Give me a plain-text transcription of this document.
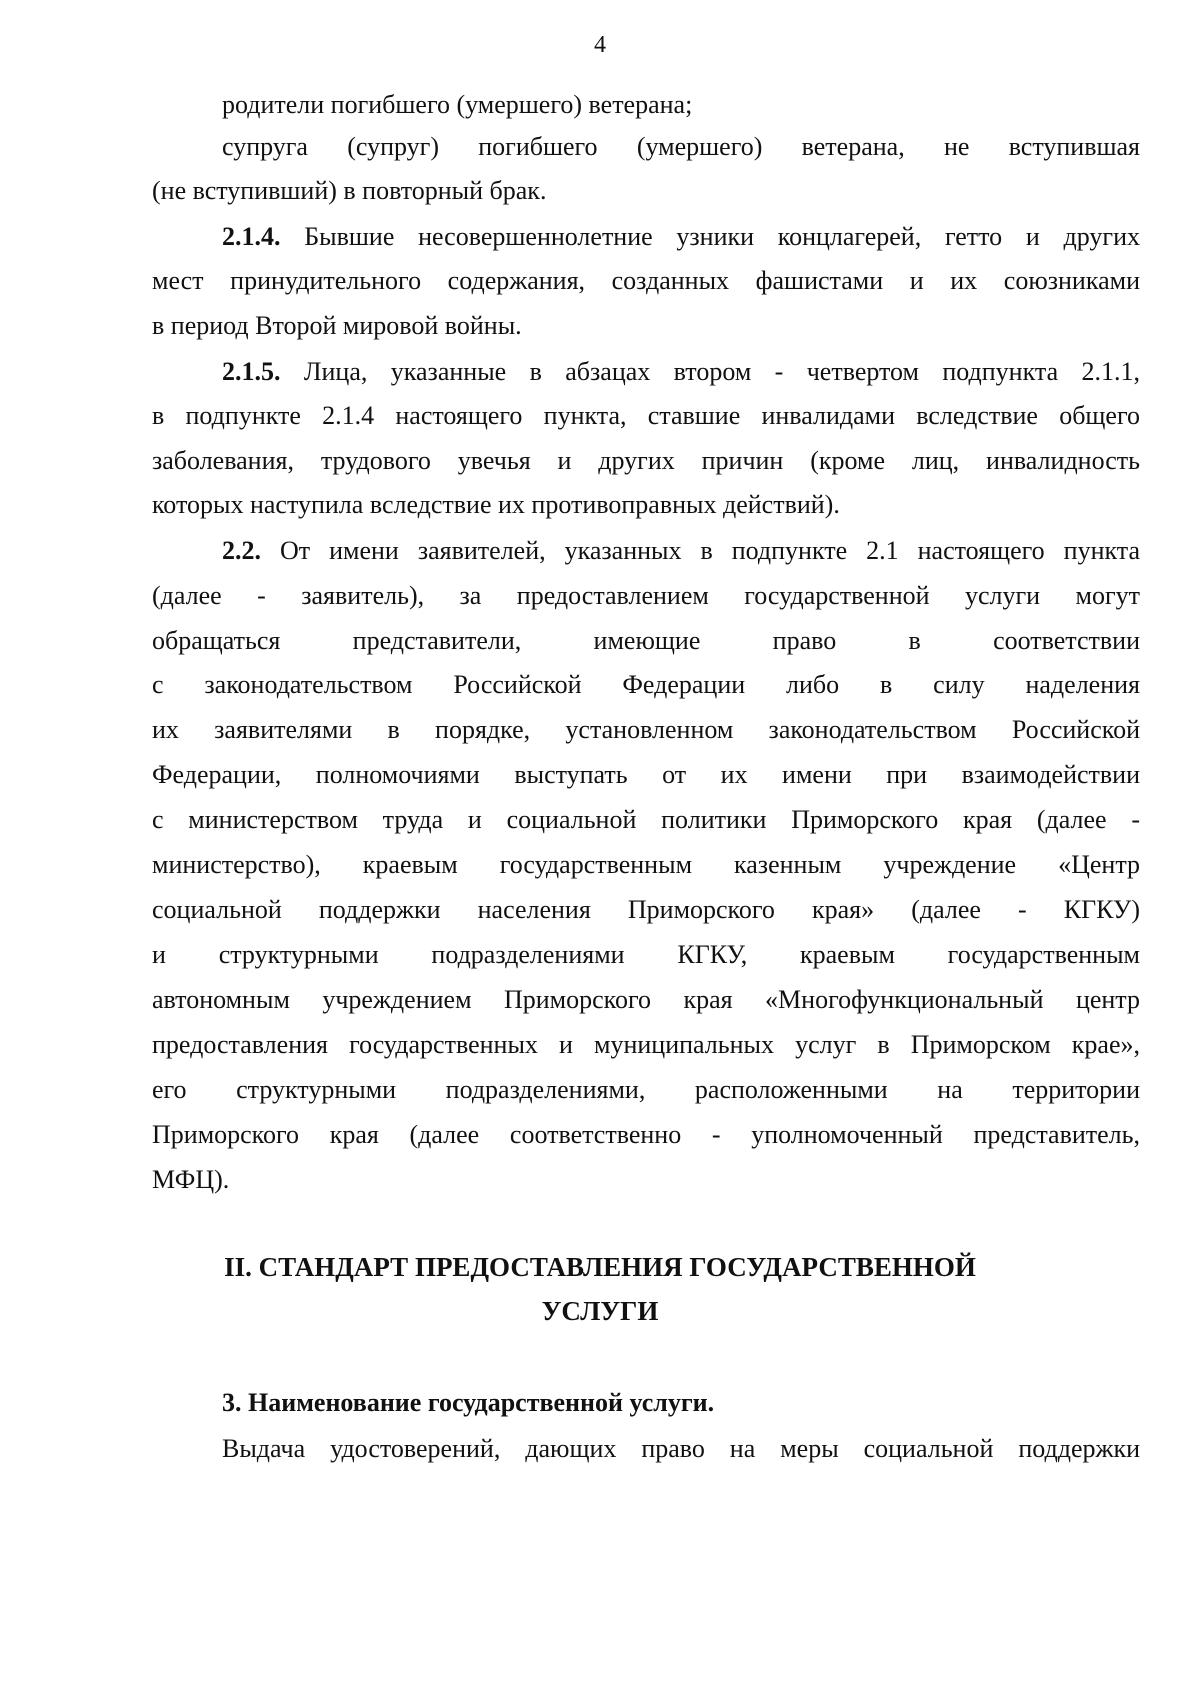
4
родители погибшего (умершего) ветерана;
супруга (супруг) погибшего (умершего) ветерана, не вступившая
(не вступивший) в повторный брак.
2.1.4. Бывшие несовершеннолетние узники концлагерей, гетто и других
мест принудительного содержания, созданных фашистами и их союзниками
в период Второй мировой войны.
2.1.5. Лица, указанные в абзацах втором - четвертом подпункта 2.1.1,
в подпункте 2.1.4 настоящего пункта, ставшие инвалидами вследствие общего
заболевания, трудового увечья и других причин (кроме лиц, инвалидность
которых наступила вследствие их противоправных действий).
2.2. От имени заявителей, указанных в подпункте 2.1 настоящего пункта
(далее - заявитель), за предоставлением государственной услуги могут
обращаться представители, имеющие право в соответствии
с законодательством Российской Федерации либо в силу наделения
их заявителями в порядке, установленном законодательством Российской
Федерации, полномочиями выступать от их имени при взаимодействии
с министерством труда и социальной политики Приморского края (далее -
министерство), краевым государственным казенным учреждение «Центр
социальной поддержки населения Приморского края» (далее - КГКУ)
и структурными подразделениями КГКУ, краевым государственным
автономным учреждением Приморского края «Многофункциональный центр
предоставления государственных и муниципальных услуг в Приморском крае»,
его структурными подразделениями, расположенными на территории
Приморского края (далее соответственно - уполномоченный представитель,
МФЦ).
II. СТАНДАРТ ПРЕДОСТАВЛЕНИЯ ГОСУДАРСТВЕННОЙ
УСЛУГИ
3. Наименование государственной услуги.
Выдача удостоверений, дающих право на меры социальной поддержки
